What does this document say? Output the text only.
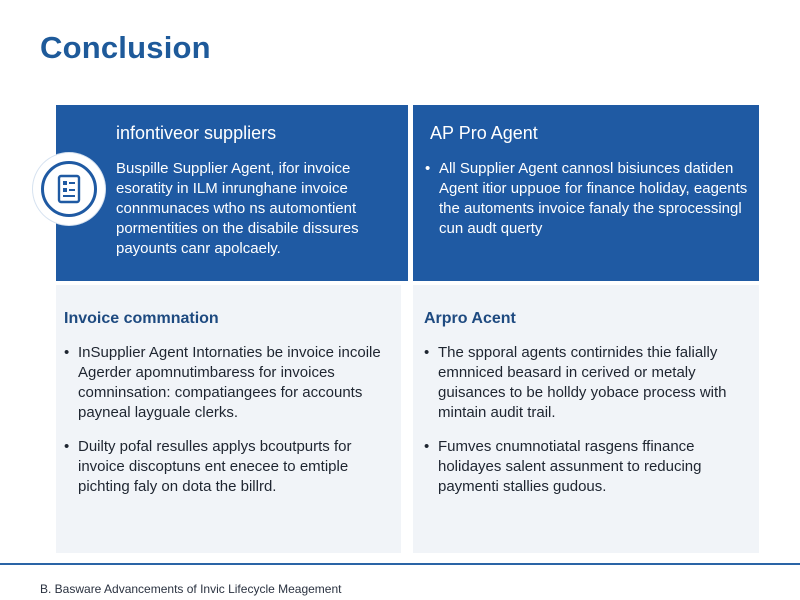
Conclusion
infontiveor suppliers
Buspille Supplier Agent, ifor invoice esoratity in ILM inrunghane invoice connmunaces wtho ns automontient pormentities on the disabile dissures payounts canr apolcaely.
AP Pro Agent
• All Supplier Agent cannosl bisiunces datiden Agent itior uppuoe for finance holiday, eagents the automents invoice fanaly the sprocessingl cun audt querty
Invoice commnation
• InSupplier Agent Intornaties be invoice incoile Agerder apomnutimbaress for invoices comninsation: compatiangees for accounts payneal layguale clerks.
• Duilty pofal resulles applys bcoutpurts for invoice discoptuns ent enecee to emtiple pichting faly on dota the billrd.
Arpro Acent
• The spporal agents contirnides thie falially emnniced beasard in cerived or metaly guisances to be holldy yobace process with mintain audit trail.
• Fumves cnumnotiatal rasgens ffinance holidayes salent assunment to reducing paymenti stallies gudous.
B. Basware Advancements of Invic Lifecycle Meagement
